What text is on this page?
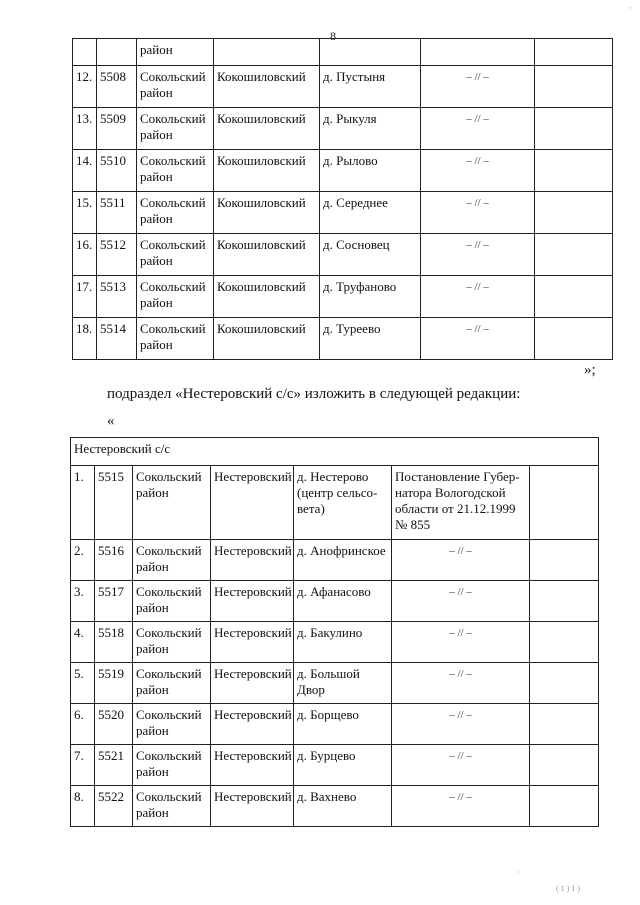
·
8
		район				
12.	5508	Сокольский район	Кокошиловский	д. Пустыня	– // –	
13.	5509	Сокольский район	Кокошиловский	д. Рыкуля	– // –	
14.	5510	Сокольский район	Кокошиловский	д. Рылово	– // –	
15.	5511	Сокольский район	Кокошиловский	д. Середнее	– // –	
16.	5512	Сокольский район	Кокошиловский	д. Сосновец	– // –	
17.	5513	Сокольский район	Кокошиловский	д. Труфаново	– // –	
18.	5514	Сокольский район	Кокошиловский	д. Туреево	– // –	
»;
подраздел «Нестеровский с/с» изложить в следующей редакции:
«
Нестеровский с/с						
1.	5515	Сокольский район	Нестеровский	д. Нестерово (центр сельсо-вета)	Постановление Губер-натора Вологодской области от 21.12.1999 № 855	
2.	5516	Сокольский район	Нестеровский	д. Анофринское	– // –	
3.	5517	Сокольский район	Нестеровский	д. Афанасово	– // –	
4.	5518	Сокольский район	Нестеровский	д. Бакулино	– // –	
5.	5519	Сокольский район	Нестеровский	д. Большой Двор	– // –	
6.	5520	Сокольский район	Нестеровский	д. Борщево	– // –	
7.	5521	Сокольский район	Нестеровский	д. Бурцево	– // –	
8.	5522	Сокольский район	Нестеровский	д. Вахнево	– // –	
·
( 1 ) 1 )
